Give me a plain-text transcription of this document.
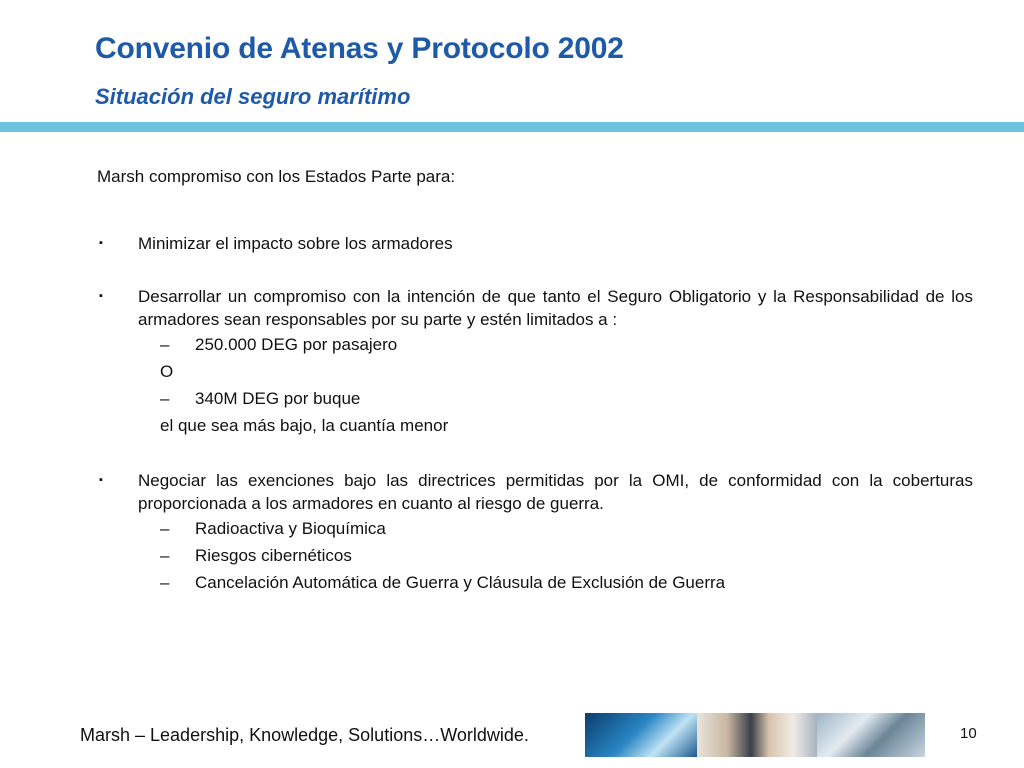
Convenio de Atenas y Protocolo 2002
Situación del seguro marítimo

Marsh compromiso con los Estados Parte para:

▪ Minimizar el impacto sobre los armadores
▪ Desarrollar un compromiso con la intención de que tanto el Seguro Obligatorio y la Responsabilidad de los armadores sean responsables por su parte y estén limitados a :
– 250.000 DEG por pasajero
O
– 340M DEG por buque
el que sea más bajo, la cuantía menor
▪ Negociar las exenciones bajo las directrices permitidas por la OMI, de conformidad con la coberturas proporcionada a los armadores en cuanto al riesgo de guerra.
– Radioactiva y Bioquímica
– Riesgos cibernéticos
– Cancelación Automática de Guerra y Cláusula de Exclusión de Guerra
Marsh – Leadership, Knowledge, Solutions…Worldwide.	10
